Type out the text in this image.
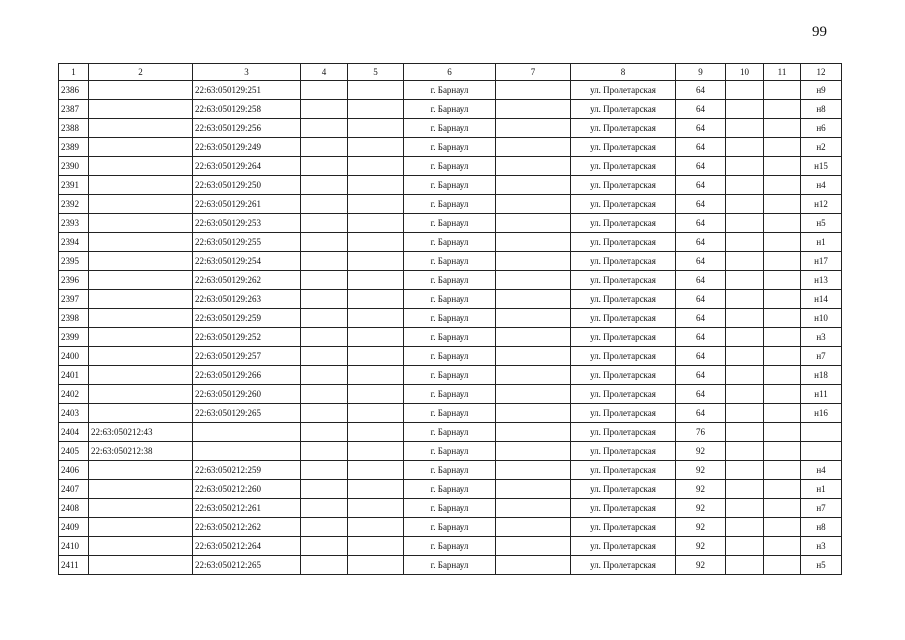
99
1	2	3	4	5	6	7	8	9	10	11	12
2386		22:63:050129:251			г. Барнаул		ул. Пролетарская	64			н9
2387		22:63:050129:258			г. Барнаул		ул. Пролетарская	64			н8
2388		22:63:050129:256			г. Барнаул		ул. Пролетарская	64			н6
2389		22:63:050129:249			г. Барнаул		ул. Пролетарская	64			н2
2390		22:63:050129:264			г. Барнаул		ул. Пролетарская	64			н15
2391		22:63:050129:250			г. Барнаул		ул. Пролетарская	64			н4
2392		22:63:050129:261			г. Барнаул		ул. Пролетарская	64			н12
2393		22:63:050129:253			г. Барнаул		ул. Пролетарская	64			н5
2394		22:63:050129:255			г. Барнаул		ул. Пролетарская	64			н1
2395		22:63:050129:254			г. Барнаул		ул. Пролетарская	64			н17
2396		22:63:050129:262			г. Барнаул		ул. Пролетарская	64			н13
2397		22:63:050129:263			г. Барнаул		ул. Пролетарская	64			н14
2398		22:63:050129:259			г. Барнаул		ул. Пролетарская	64			н10
2399		22:63:050129:252			г. Барнаул		ул. Пролетарская	64			н3
2400		22:63:050129:257			г. Барнаул		ул. Пролетарская	64			н7
2401		22:63:050129:266			г. Барнаул		ул. Пролетарская	64			н18
2402		22:63:050129:260			г. Барнаул		ул. Пролетарская	64			н11
2403		22:63:050129:265			г. Барнаул		ул. Пролетарская	64			н16
2404	22:63:050212:43				г. Барнаул		ул. Пролетарская	76			
2405	22:63:050212:38				г. Барнаул		ул. Пролетарская	92			
2406		22:63:050212:259			г. Барнаул		ул. Пролетарская	92			н4
2407		22:63:050212:260			г. Барнаул		ул. Пролетарская	92			н1
2408		22:63:050212:261			г. Барнаул		ул. Пролетарская	92			н7
2409		22:63:050212:262			г. Барнаул		ул. Пролетарская	92			н8
2410		22:63:050212:264			г. Барнаул		ул. Пролетарская	92			н3
2411		22:63:050212:265			г. Барнаул		ул. Пролетарская	92			н5
